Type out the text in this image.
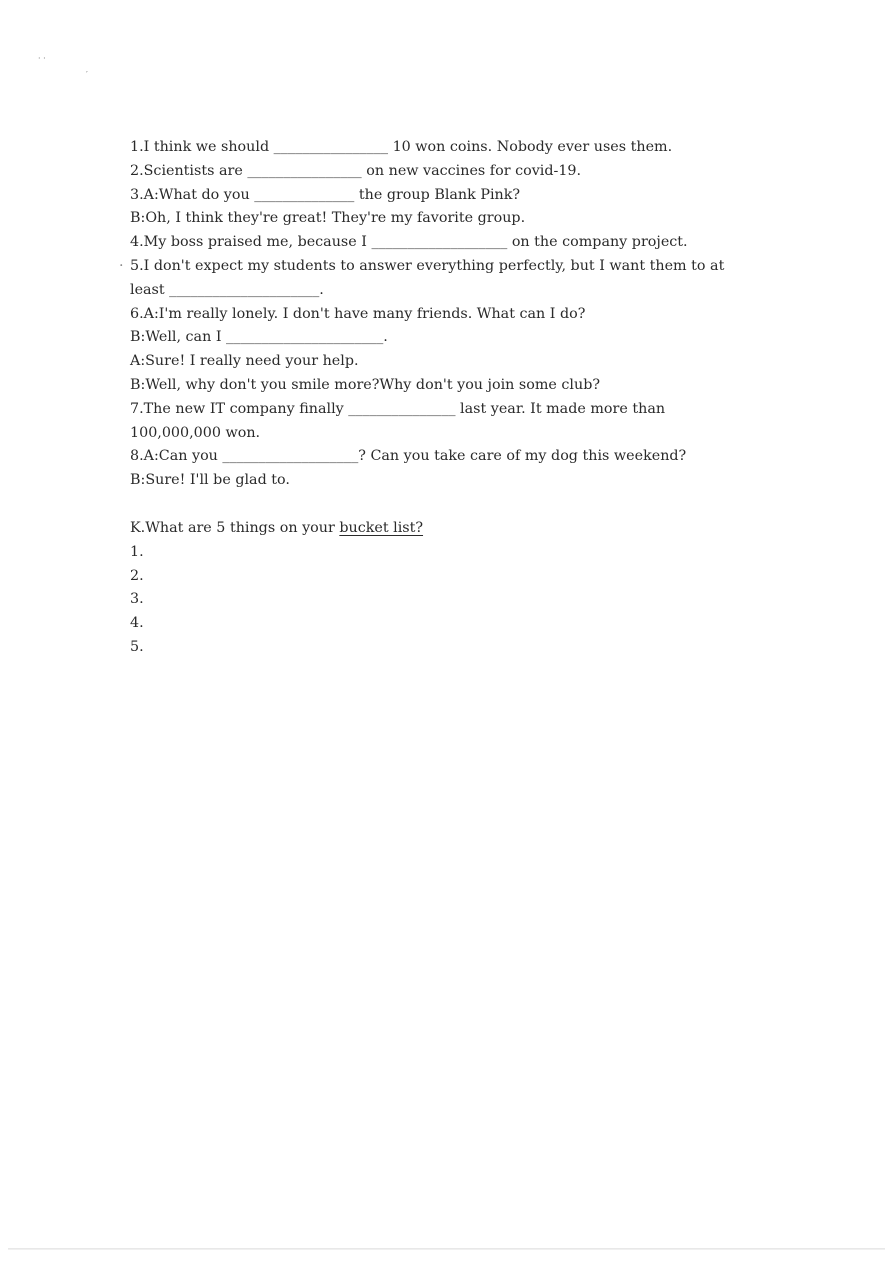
· ·
′
1.I think we should ________________ 10 won coins. Nobody ever uses them.
2.Scientists are ________________ on new vaccines for covid-19.
3.A:What do you ______________ the group Blank Pink?
B:Oh, I think they're great! They're my favorite group.
4.My boss praised me, because I ___________________ on the company project.
· 5.I don't expect my students to answer everything perfectly, but I want them to at
least _____________________.
6.A:I'm really lonely. I don't have many friends. What can I do?
B:Well, can I ______________________.
A:Sure! I really need your help.
B:Well, why don't you smile more?Why don't you join some club?
7.The new IT company finally _______________ last year. It made more than
100,000,000 won.
8.A:Can you ___________________? Can you take care of my dog this weekend?
B:Sure! I'll be glad to.
K.What are 5 things on your bucket list?
1.
2.
3.
4.
5.
